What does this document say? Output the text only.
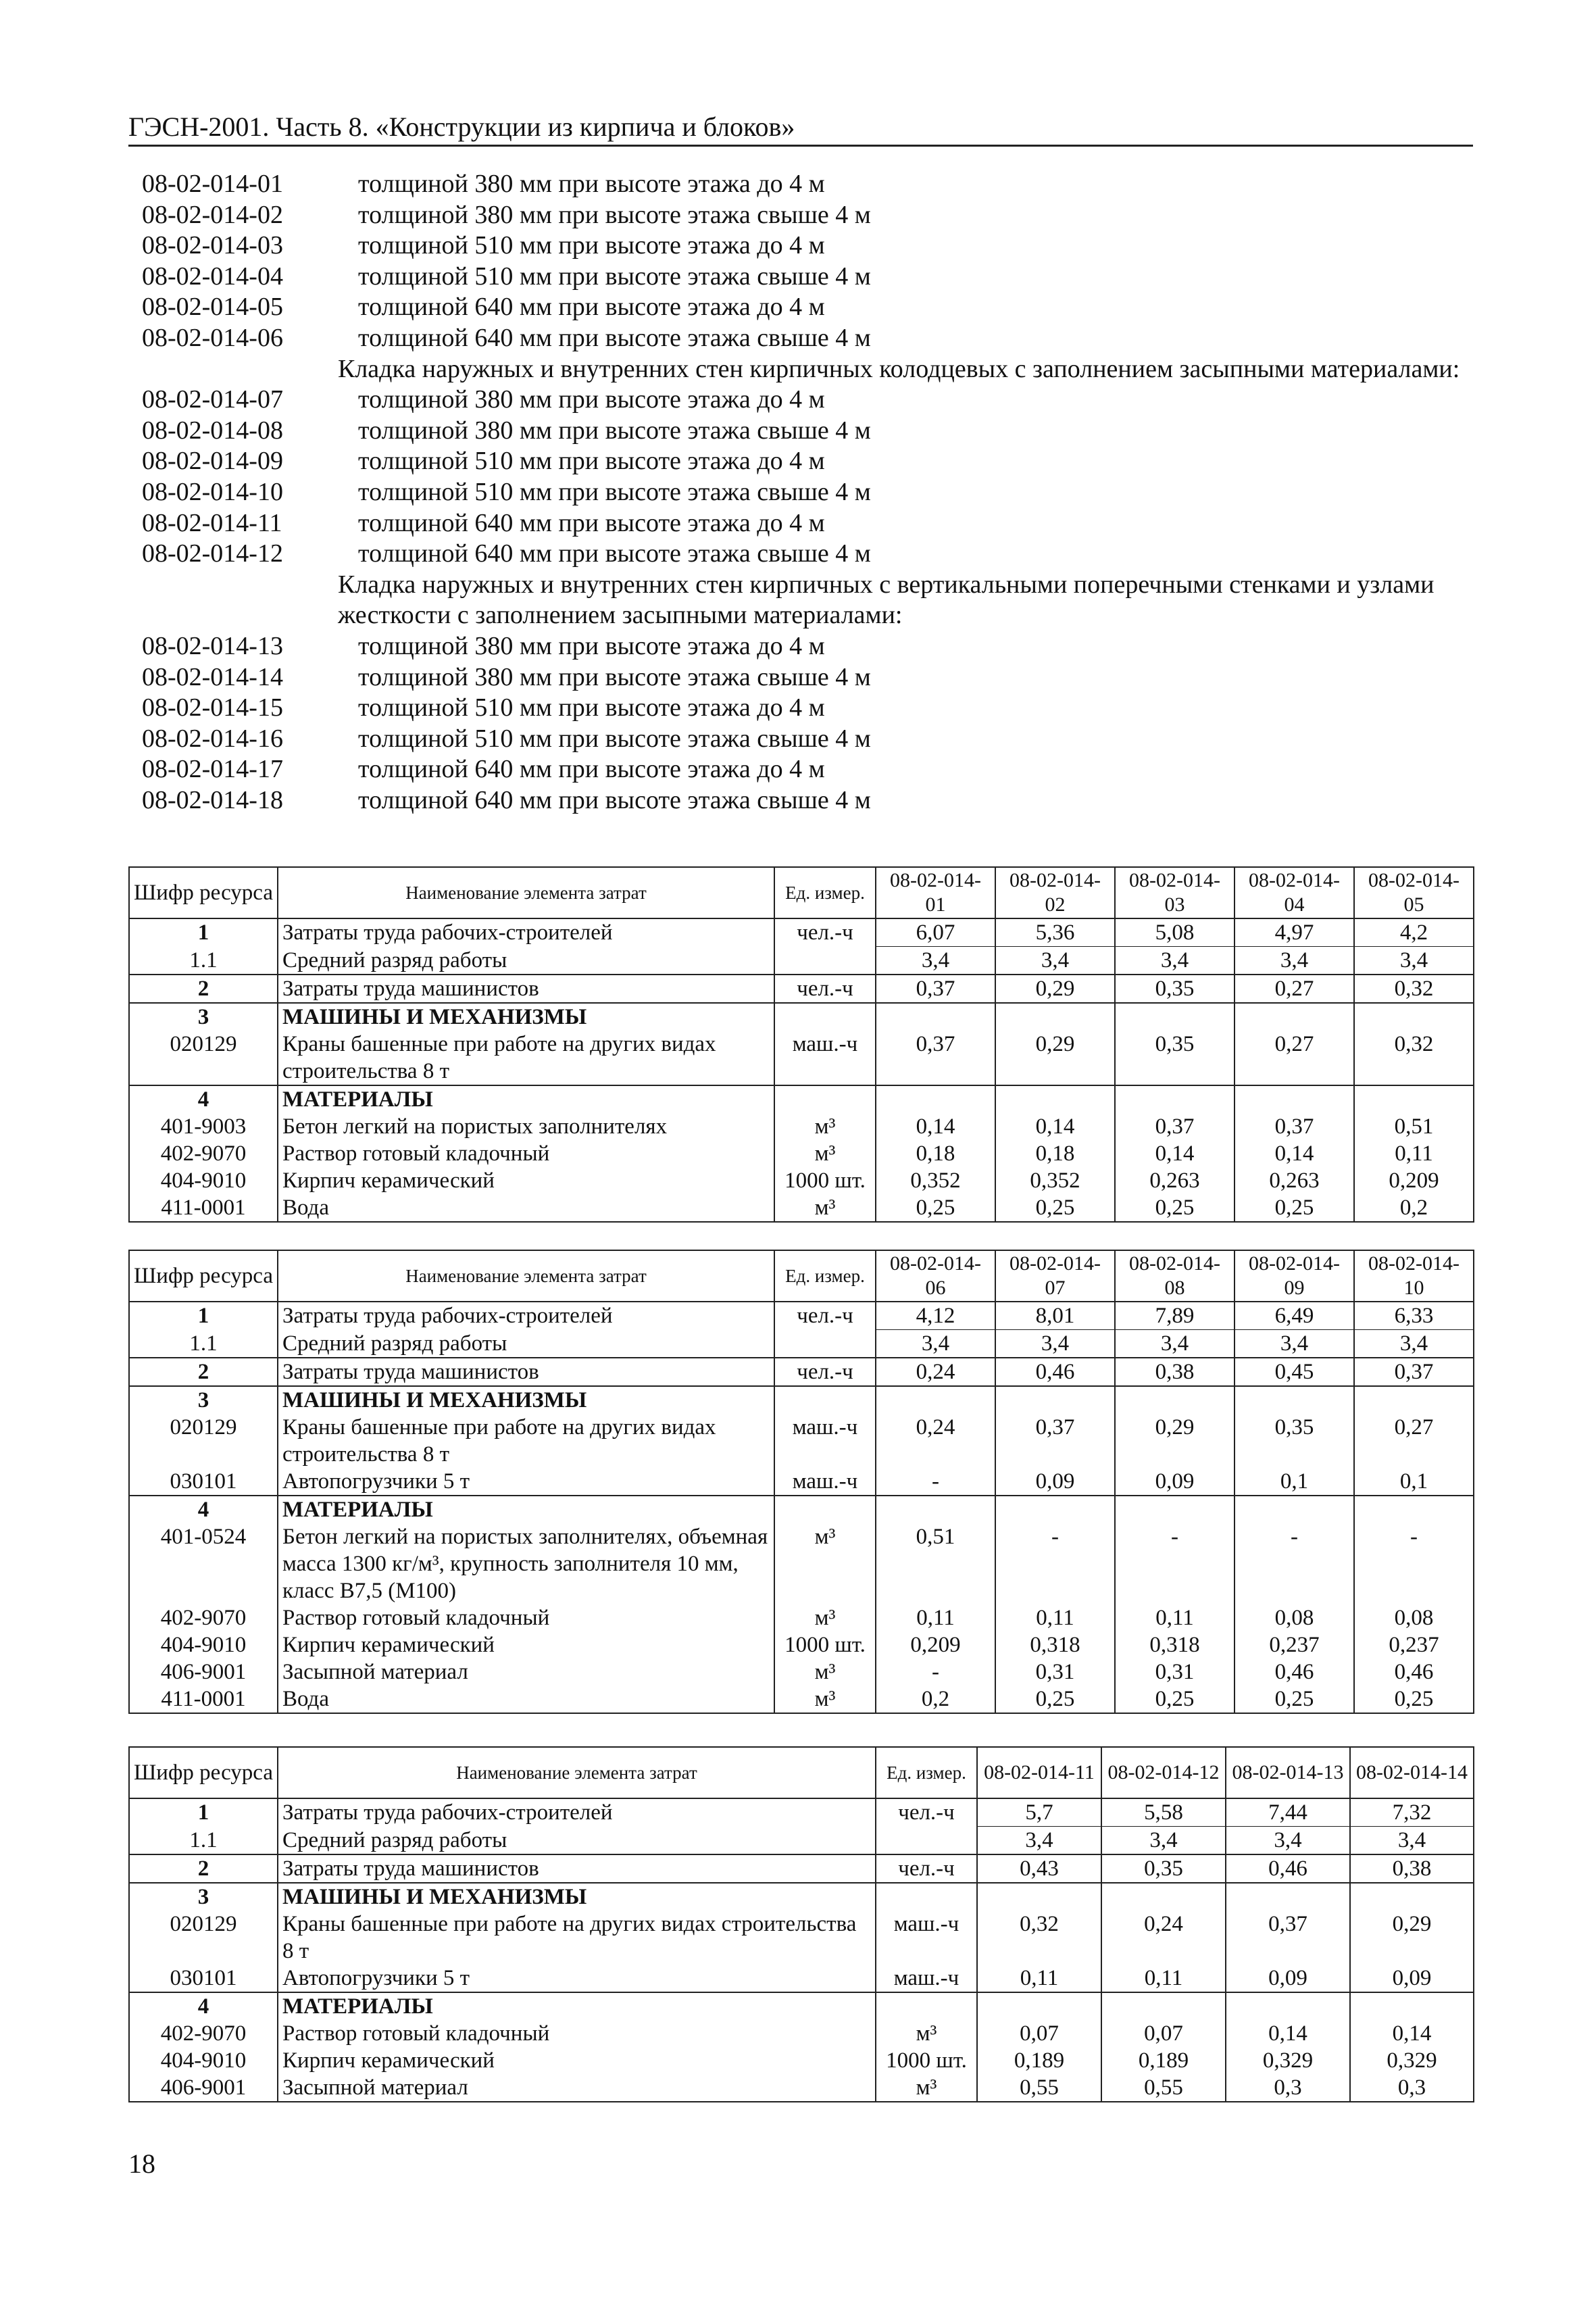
ГЭСН-2001. Часть 8. «Конструкции из кирпича и блоков»
08-02-014-01	толщиной 380 мм при высоте этажа до 4 м
08-02-014-02	толщиной 380 мм при высоте этажа свыше 4 м
08-02-014-03	толщиной 510 мм при высоте этажа до 4 м
08-02-014-04	толщиной 510 мм при высоте этажа свыше 4 м
08-02-014-05	толщиной 640 мм при высоте этажа до 4 м
08-02-014-06	толщиной 640 мм при высоте этажа свыше 4 м
Кладка наружных и внутренних стен кирпичных колодцевых с заполнением засыпными материалами:
08-02-014-07	толщиной 380 мм при высоте этажа до 4 м
08-02-014-08	толщиной 380 мм при высоте этажа свыше 4 м
08-02-014-09	толщиной 510 мм при высоте этажа до 4 м
08-02-014-10	толщиной 510 мм при высоте этажа свыше 4 м
08-02-014-11	толщиной 640 мм при высоте этажа до 4 м
08-02-014-12	толщиной 640 мм при высоте этажа свыше 4 м
Кладка наружных и внутренних стен кирпичных с вертикальными поперечными стенками и узлами жесткости с заполнением засыпными материалами:
08-02-014-13	толщиной 380 мм при высоте этажа до 4 м
08-02-014-14	толщиной 380 мм при высоте этажа свыше 4 м
08-02-014-15	толщиной 510 мм при высоте этажа до 4 м
08-02-014-16	толщиной 510 мм при высоте этажа свыше 4 м
08-02-014-17	толщиной 640 мм при высоте этажа до 4 м
08-02-014-18	толщиной 640 мм при высоте этажа свыше 4 м
Шифр ресурса	Наименование элемента затрат	Ед. измер.	08-02-014-01	08-02-014-02	08-02-014-03	08-02-014-04	08-02-014-05
1	Затраты труда рабочих-строителей	чел.-ч	6,07	5,36	5,08	4,97	4,2
1.1	Средний разряд работы		3,4	3,4	3,4	3,4	3,4
2	Затраты труда машинистов	чел.-ч	0,37	0,29	0,35	0,27	0,32
3	МАШИНЫ И МЕХАНИЗМЫ						
020129	Краны башенные при работе на других видах строительства 8 т	маш.-ч	0,37	0,29	0,35	0,27	0,32
4	МАТЕРИАЛЫ						
401-9003	Бетон легкий на пористых заполнителях	м³	0,14	0,14	0,37	0,37	0,51
402-9070	Раствор готовый кладочный	м³	0,18	0,18	0,14	0,14	0,11
404-9010	Кирпич керамический	1000 шт.	0,352	0,352	0,263	0,263	0,209
411-0001	Вода	м³	0,25	0,25	0,25	0,25	0,2
Шифр ресурса	Наименование элемента затрат	Ед. измер.	08-02-014-06	08-02-014-07	08-02-014-08	08-02-014-09	08-02-014-10
1	Затраты труда рабочих-строителей	чел.-ч	4,12	8,01	7,89	6,49	6,33
1.1	Средний разряд работы		3,4	3,4	3,4	3,4	3,4
2	Затраты труда машинистов	чел.-ч	0,24	0,46	0,38	0,45	0,37
3	МАШИНЫ И МЕХАНИЗМЫ						
020129	Краны башенные при работе на других видах строительства 8 т	маш.-ч	0,24	0,37	0,29	0,35	0,27
030101	Автопогрузчики 5 т	маш.-ч	-	0,09	0,09	0,1	0,1
4	МАТЕРИАЛЫ						
401-0524	Бетон легкий на пористых заполнителях, объемная масса 1300 кг/м³, крупность заполнителя 10 мм, класс В7,5 (М100)	м³	0,51	-	-	-	-
402-9070	Раствор готовый кладочный	м³	0,11	0,11	0,11	0,08	0,08
404-9010	Кирпич керамический	1000 шт.	0,209	0,318	0,318	0,237	0,237
406-9001	Засыпной материал	м³	-	0,31	0,31	0,46	0,46
411-0001	Вода	м³	0,2	0,25	0,25	0,25	0,25
Шифр ресурса	Наименование элемента затрат	Ед. измер.	08-02-014-11	08-02-014-12	08-02-014-13	08-02-014-14
1	Затраты труда рабочих-строителей	чел.-ч	5,7	5,58	7,44	7,32
1.1	Средний разряд работы		3,4	3,4	3,4	3,4
2	Затраты труда машинистов	чел.-ч	0,43	0,35	0,46	0,38
3	МАШИНЫ И МЕХАНИЗМЫ					
020129	Краны башенные при работе на других видах строительства 8 т	маш.-ч	0,32	0,24	0,37	0,29
030101	Автопогрузчики 5 т	маш.-ч	0,11	0,11	0,09	0,09
4	МАТЕРИАЛЫ					
402-9070	Раствор готовый кладочный	м³	0,07	0,07	0,14	0,14
404-9010	Кирпич керамический	1000 шт.	0,189	0,189	0,329	0,329
406-9001	Засыпной материал	м³	0,55	0,55	0,3	0,3
18
